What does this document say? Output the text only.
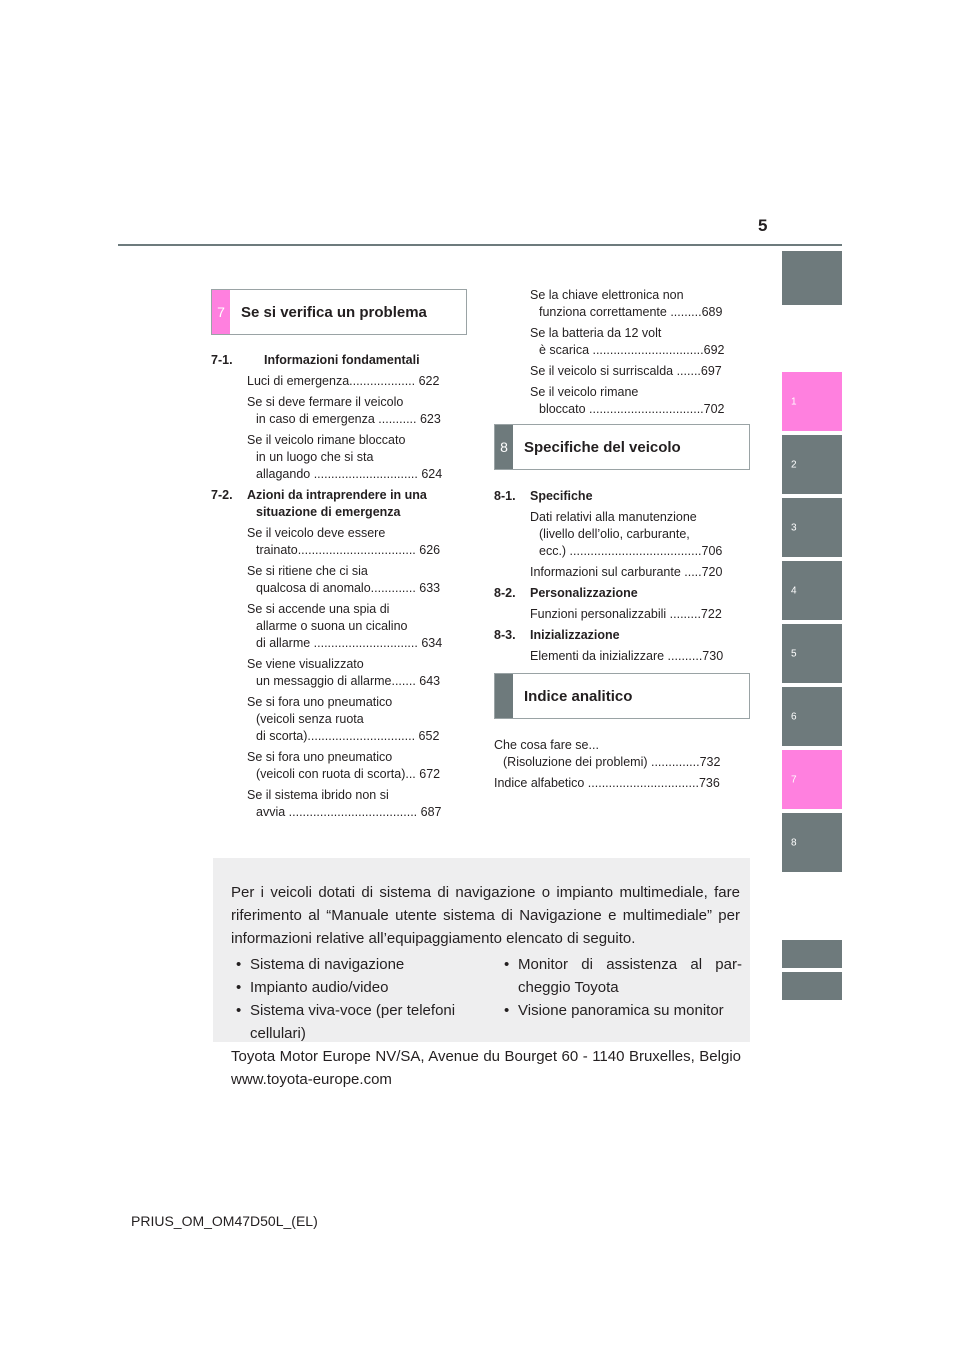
5
1
2
3
4
5
6
7
8
7	Se si verifica un problema
7-1.	Informazioni fondamentali
Luci di emergenza................... 622
Se si deve fermare il veicolo
in caso di emergenza ........... 623
Se il veicolo rimane bloccato
in un luogo che si sta
allagando .............................. 624
7-2. Azioni da intraprendere in una
situazione di emergenza
Se il veicolo deve essere
trainato.................................. 626
Se si ritiene che ci sia
qualcosa di anomalo............. 633
Se si accende una spia di
allarme o suona un cicalino
di allarme .............................. 634
Se viene visualizzato
un messaggio di allarme....... 643
Se si fora uno pneumatico
(veicoli senza ruota
di scorta)............................... 652
Se si fora uno pneumatico
(veicoli con ruota di scorta)... 672
Se il sistema ibrido non si
avvia ..................................... 687
Se la chiave elettronica non
funziona correttamente .........689
Se la batteria da 12 volt
è scarica ................................692
Se il veicolo si surriscalda .......697
Se il veicolo rimane
bloccato .................................702
8	Specifiche del veicolo
8-1. Specifiche
Dati relativi alla manutenzione
(livello dell’olio, carburante,
ecc.) ......................................706
Informazioni sul carburante .....720
8-2. Personalizzazione
Funzioni personalizzabili .........722
8-3. Inizializzazione
Elementi da inizializzare ..........730
Indice analitico
Che cosa fare se...
(Risoluzione dei problemi) ..............732
Indice alfabetico ................................736
Per i veicoli dotati di sistema di navigazione o impianto multimediale, fare riferimento al “Manuale utente sistema di Navigazione e multimediale” per informazioni relative all’equipaggiamento elencato di seguito.
• Sistema di navigazione
• Impianto audio/video
• Sistema viva-voce (per telefoni cellulari)
• Monitor di assistenza al par-cheggio Toyota
• Visione panoramica su monitor
Toyota Motor Europe NV/SA, Avenue du Bourget 60 - 1140 Bruxelles, Belgio www.toyota-europe.com
PRIUS_OM_OM47D50L_(EL)
